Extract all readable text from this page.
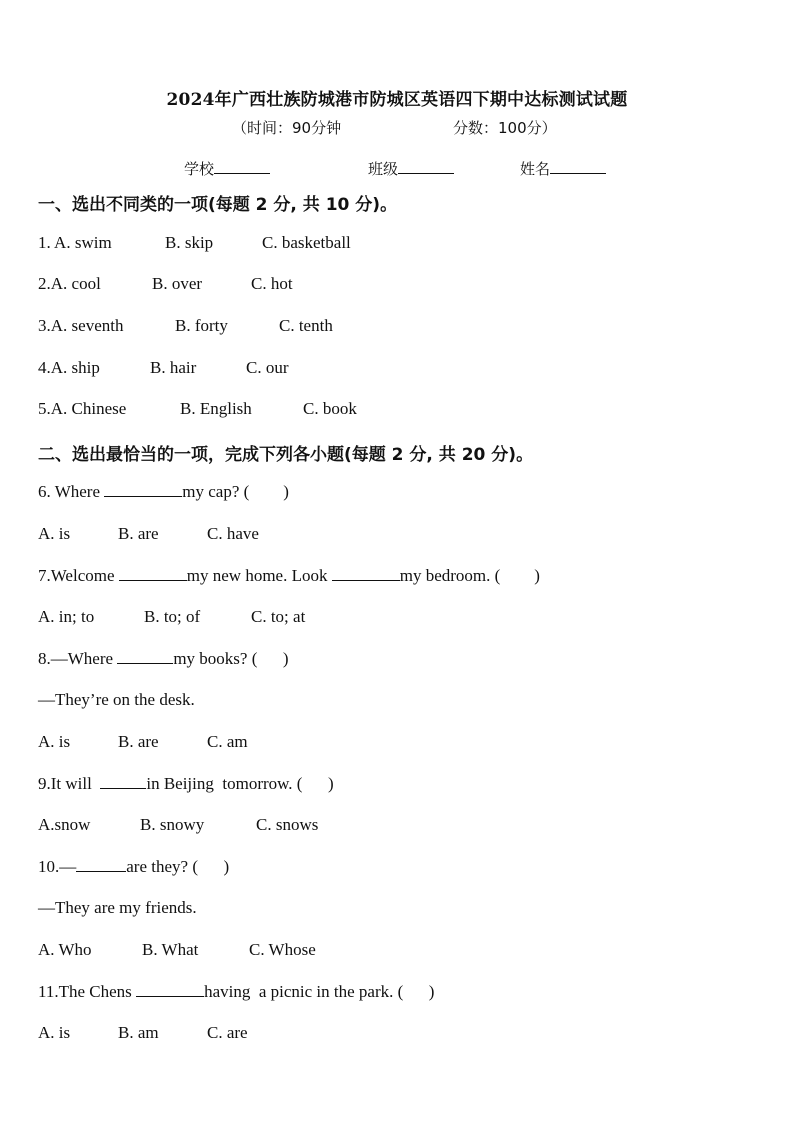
2024年广西壮族防城港市防城区英语四下期中达标测试试题
（时间：90分钟	分数：100分）
学校	班级	姓名
一、选出不同类的一项(每题 2 分, 共 10 分)。
1. A. swim	B. skip	C. basketball
2.A. cool	B. over	C. hot
3.A. seventh	B. forty	C. tenth
4.A. ship	B. hair	C. our
5.A. Chinese	B. English	C. book
二、选出最恰当的一项，完成下列各小题(每题 2 分, 共 20 分)。
6. Where	my cap? (        )
A. is	B. are	C. have
7.Welcome	my new home. Look	my bedroom. (        )
A. in; to	B. to; of	C. to; at
8.—Where	my books? (      )
—They’re on the desk.
A. is	B. are	C. am
9.It will	in Beijing  tomorrow. (      )
A.snow	B. snowy	C. snows
10.—	are they? (      )
—They are my friends.
A. Who	B. What	C. Whose
11.The Chens	having  a picnic in the park. (      )
A. is	B. am	C. are
